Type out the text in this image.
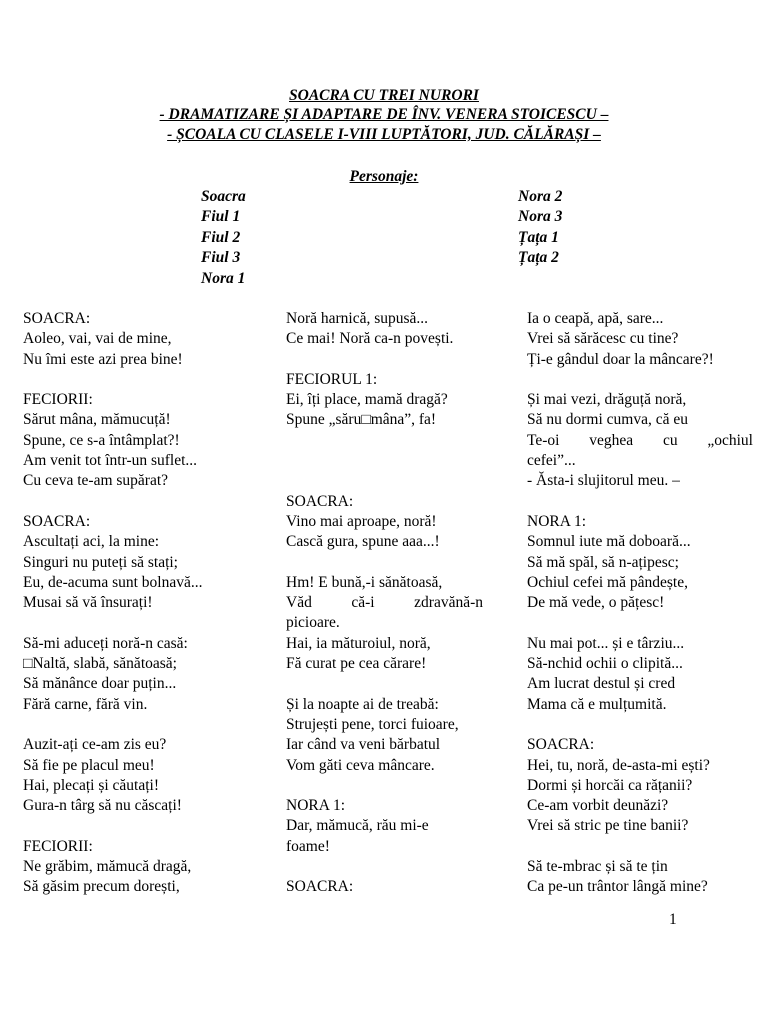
SOACRA CU TREI NURORI
- DRAMATIZARE ȘI ADAPTARE DE ÎNV. VENERA STOICESCU –
- ȘCOALA CU CLASELE I-VIII LUPTĂTORI, JUD. CĂLĂRAȘI –
Personaje:
Soacra
Fiul 1
Fiul 2
Fiul 3
Nora 1
Nora 2
Nora 3
Țața 1
Țața 2
SOACRA:
Aoleo, vai, vai de mine,
Nu îmi este azi prea bine!
FECIORII:
Sărut mâna, mămucuță!
Spune, ce s-a întâmplat?!
Am venit tot într-un suflet...
Cu ceva te-am supărat?
SOACRA:
Ascultați aci, la mine:
Singuri nu puteți să stați;
Eu, de-acuma sunt bolnavă...
Musai să vă însurați!
Să-mi aduceți noră-n casă:
□Naltă, slabă, sănătoasă;
Să mănânce doar puțin...
Fără carne, fără vin.
Auzit-ați ce-am zis eu?
Să fie pe placul meu!
Hai, plecați și căutați!
Gura-n târg să nu căscați!
FECIORII:
Ne grăbim, mămucă dragă,
Să găsim precum dorești,
Noră harnică, supusă...
Ce mai! Noră ca-n povești.
FECIORUL 1:
Ei, îți place, mamă dragă?
Spune „săru□mâna”, fa!
SOACRA:
Vino mai aproape, noră!
Cască gura, spune aaa...!
Hm! E bună,-i sănătoasă,
Văd	că-i	zdravănă-n
picioare.
Hai, ia măturoiul, noră,
Fă curat pe cea cărare!
Și la noapte ai de treabă:
Strujești pene, torci fuioare,
Iar când va veni bărbatul
Vom găti ceva mâncare.
NORA 1:
Dar, mămucă, rău mi-e
foame!
SOACRA:
Ia o ceapă, apă, sare...
Vrei să sărăcesc cu tine?
Ți-e gândul doar la mâncare?!
Și mai vezi, drăguță noră,
Să nu dormi cumva, că eu
Te-oi veghea cu „ochiul
cefei”...
- Ăsta-i slujitorul meu. –
NORA 1:
Somnul iute mă doboară...
Să mă spăl, să n-ațipesc;
Ochiul cefei mă pândește,
De mă vede, o pățesc!
Nu mai pot... și e târziu...
Să-nchid ochii o clipită...
Am lucrat destul și cred
Mama că e mulțumită.
SOACRA:
Hei, tu, noră, de-asta-mi ești?
Dormi și horcăi ca rățanii?
Ce-am vorbit deunăzi?
Vrei să stric pe tine banii?
Să te-mbrac și să te țin
Ca pe-un trântor lângă mine?
1
